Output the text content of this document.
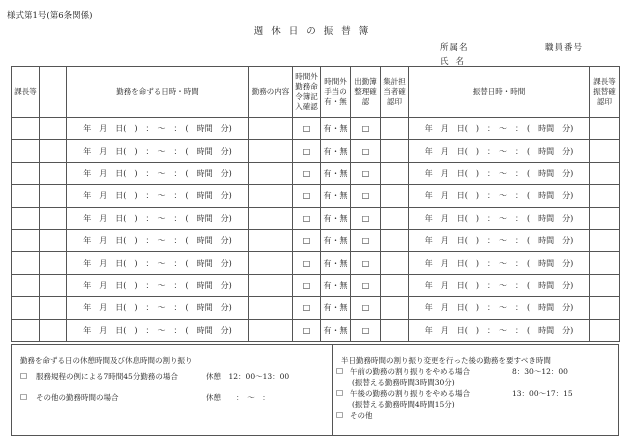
様式第1号(第6条関係)
週休日の振替簿
所属名	職員番号
氏名
課長等		勤務を命ずる日時・時間	勤務の内容	時間外勤務命令簿記入確認	時間外手当の有・無	出勤簿整理確認	集計担当者確認印	振替日時・時間	課長等振替確認印
		年　月　日(　)　：　～　：　(　時間　分)		□	有・無	□		年　月　日(　)　：　～　：　(　時間　分)	
		年　月　日(　)　：　～　：　(　時間　分)		□	有・無	□		年　月　日(　)　：　～　：　(　時間　分)	
		年　月　日(　)　：　～　：　(　時間　分)		□	有・無	□		年　月　日(　)　：　～　：　(　時間　分)	
		年　月　日(　)　：　～　：　(　時間　分)		□	有・無	□		年　月　日(　)　：　～　：　(　時間　分)	
		年　月　日(　)　：　～　：　(　時間　分)		□	有・無	□		年　月　日(　)　：　～　：　(　時間　分)	
		年　月　日(　)　：　～　：　(　時間　分)		□	有・無	□		年　月　日(　)　：　～　：　(　時間　分)	
		年　月　日(　)　：　～　：　(　時間　分)		□	有・無	□		年　月　日(　)　：　～　：　(　時間　分)	
		年　月　日(　)　：　～　：　(　時間　分)		□	有・無	□		年　月　日(　)　：　～　：　(　時間　分)	
		年　月　日(　)　：　～　：　(　時間　分)		□	有・無	□		年　月　日(　)　：　～　：　(　時間　分)	
		年　月　日(　)　：　～　：　(　時間　分)		□	有・無	□		年　月　日(　)　：　～　：　(　時間　分)	
勤務を命ずる日の休憩時間及び休息時間の割り振り
□ 服務規程の例による7時間45分勤務の場合	休憩　12：00～13：00
□ その他の勤務時間の場合	休憩　　：　～　：
半日勤務時間の割り振り変更を行った後の勤務を要すべき時間
□ 午前の勤務の割り振りをやめる場合	8：30～12：00
(振替える勤務時間3時間30分)
□ 午後の勤務の割り振りをやめる場合	13：00～17：15
(振替える勤務時間4時間15分)
□ その他
